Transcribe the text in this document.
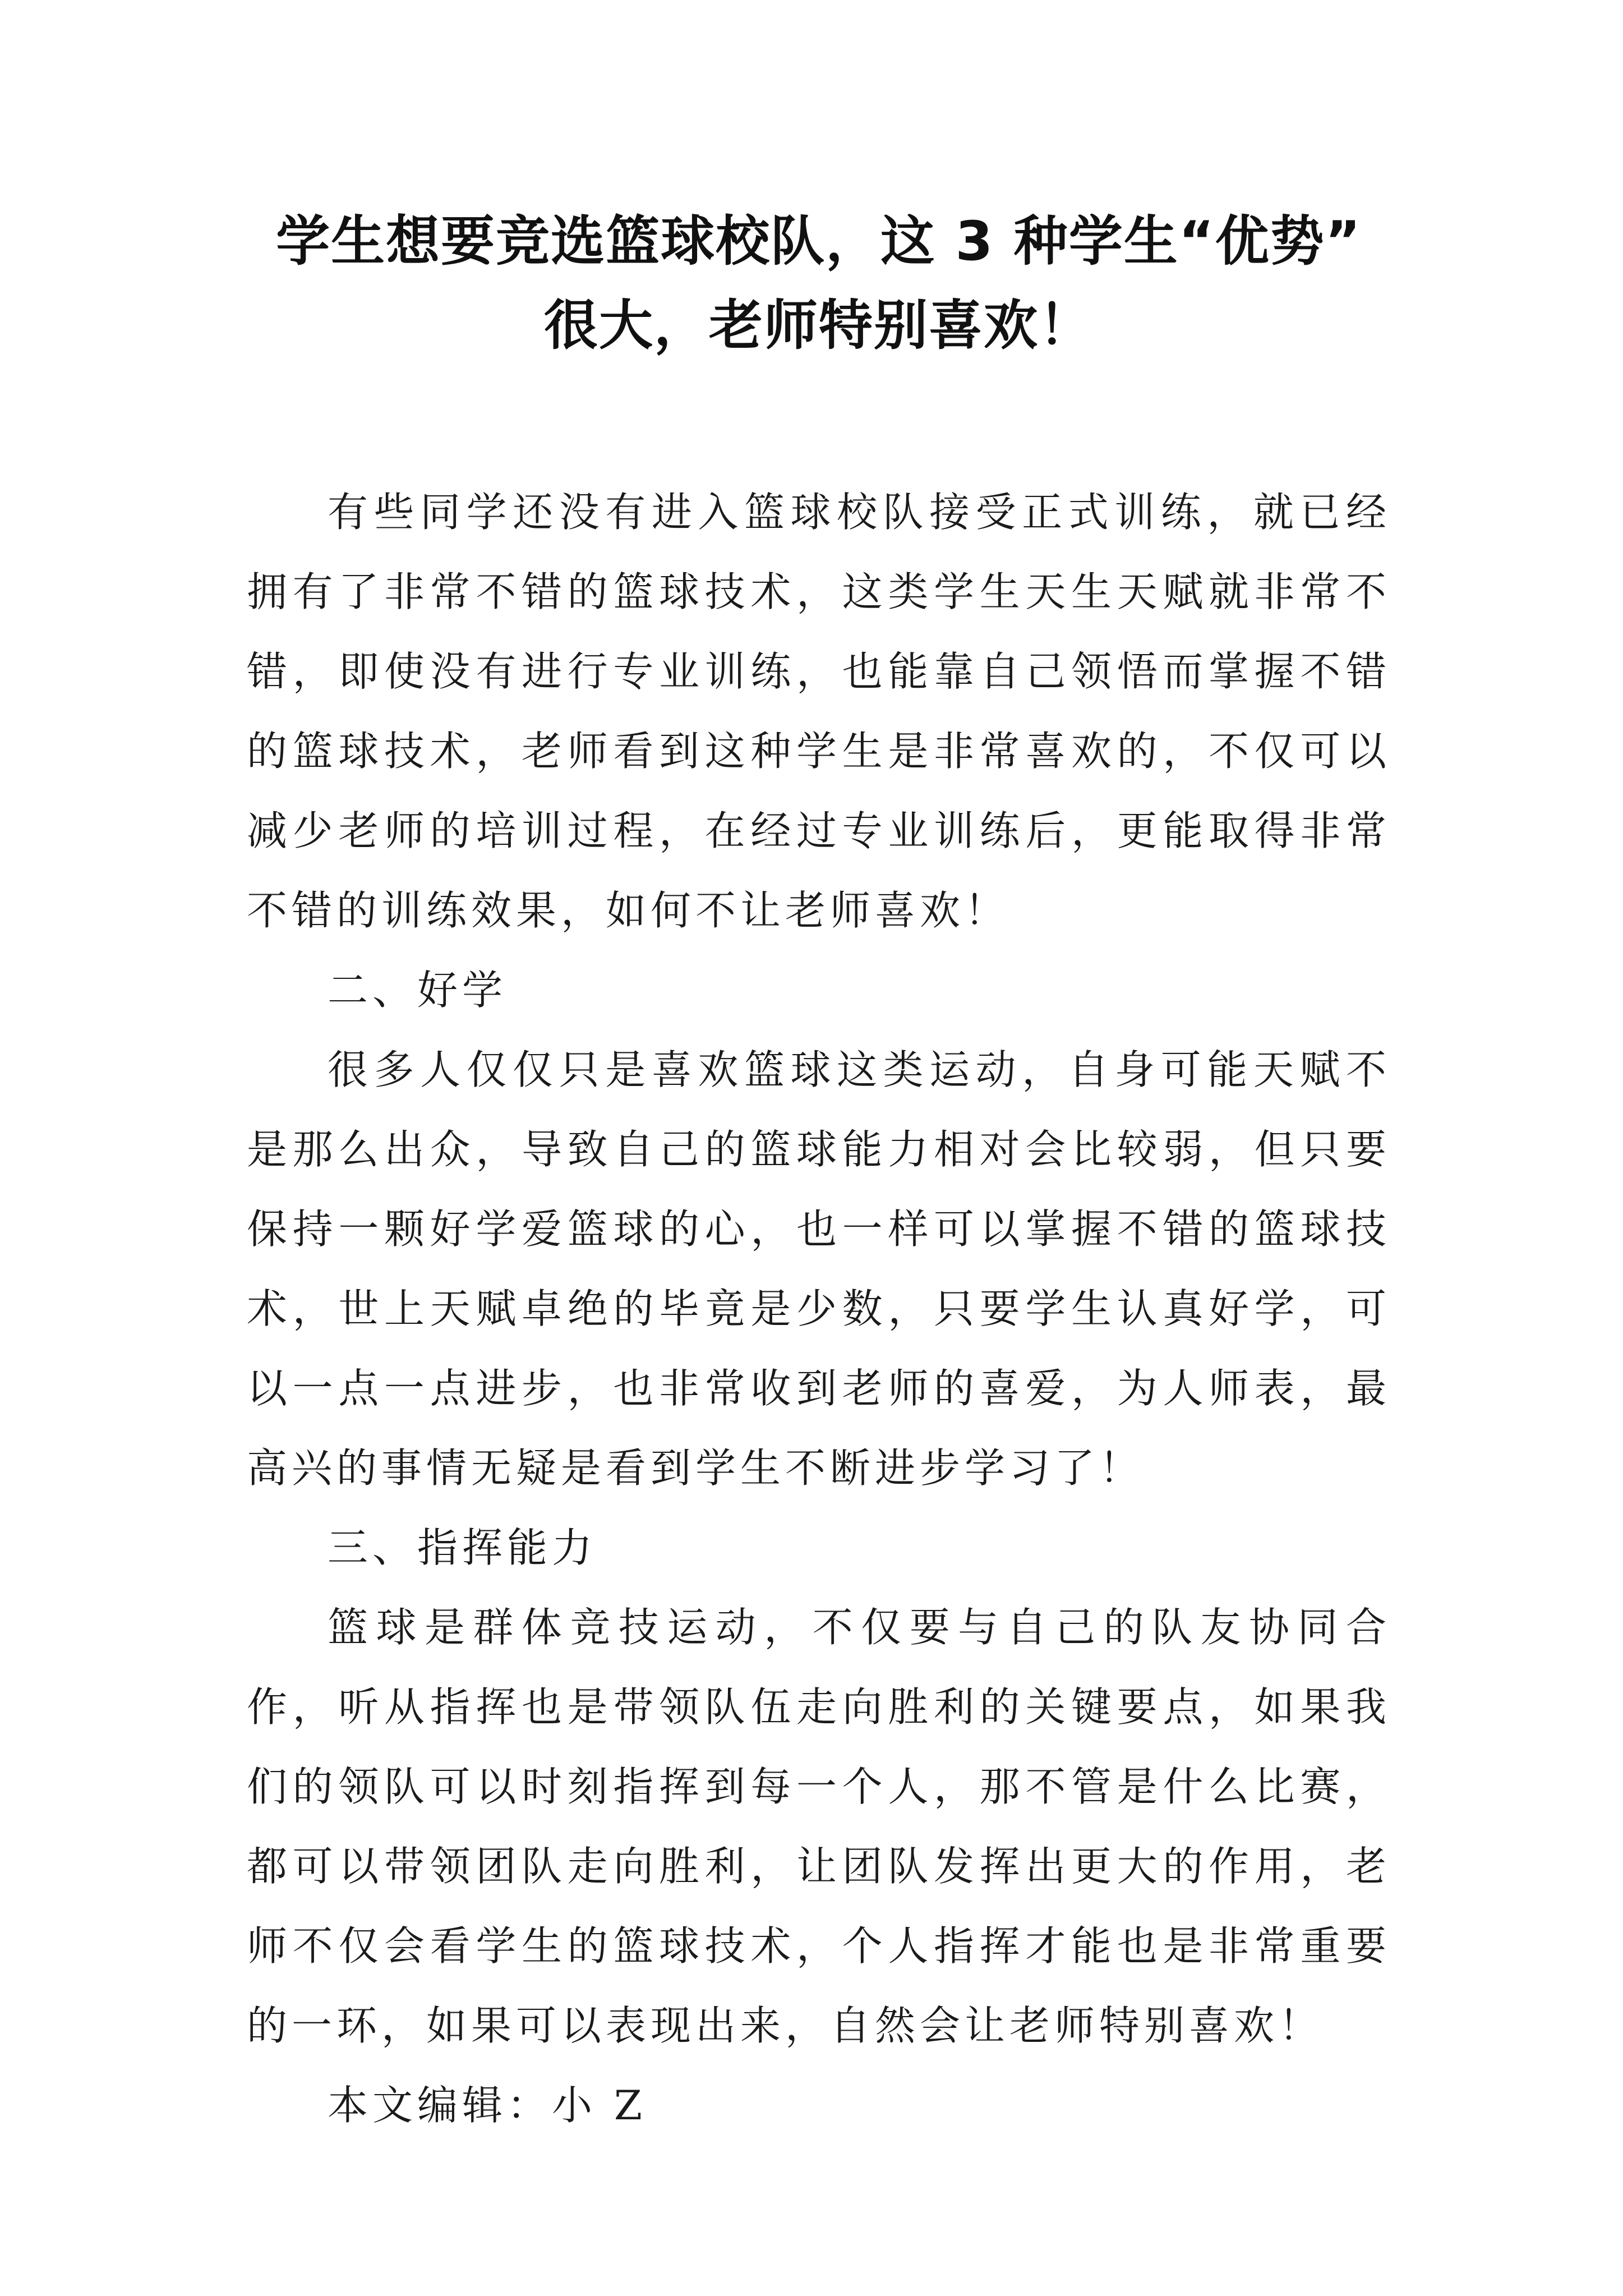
学生想要竞选篮球校队，这 3 种学生“优势”
很大，老师特别喜欢！

有些同学还没有进入篮球校队接受正式训练，就已经拥有了非常不错的篮球技术，这类学生天生天赋就非常不错，即使没有进行专业训练，也能靠自己领悟而掌握不错的篮球技术，老师看到这种学生是非常喜欢的，不仅可以减少老师的培训过程，在经过专业训练后，更能取得非常不错的训练效果，如何不让老师喜欢！

二、好学

很多人仅仅只是喜欢篮球这类运动，自身可能天赋不是那么出众，导致自己的篮球能力相对会比较弱，但只要保持一颗好学爱篮球的心，也一样可以掌握不错的篮球技术，世上天赋卓绝的毕竟是少数，只要学生认真好学，可以一点一点进步，也非常收到老师的喜爱，为人师表，最高兴的事情无疑是看到学生不断进步学习了！

三、指挥能力

篮球是群体竞技运动，不仅要与自己的队友协同合作，听从指挥也是带领队伍走向胜利的关键要点，如果我们的领队可以时刻指挥到每一个人，那不管是什么比赛，都可以带领团队走向胜利，让团队发挥出更大的作用，老师不仅会看学生的篮球技术，个人指挥才能也是非常重要的一环，如果可以表现出来，自然会让老师特别喜欢！

本文编辑：小 Z
